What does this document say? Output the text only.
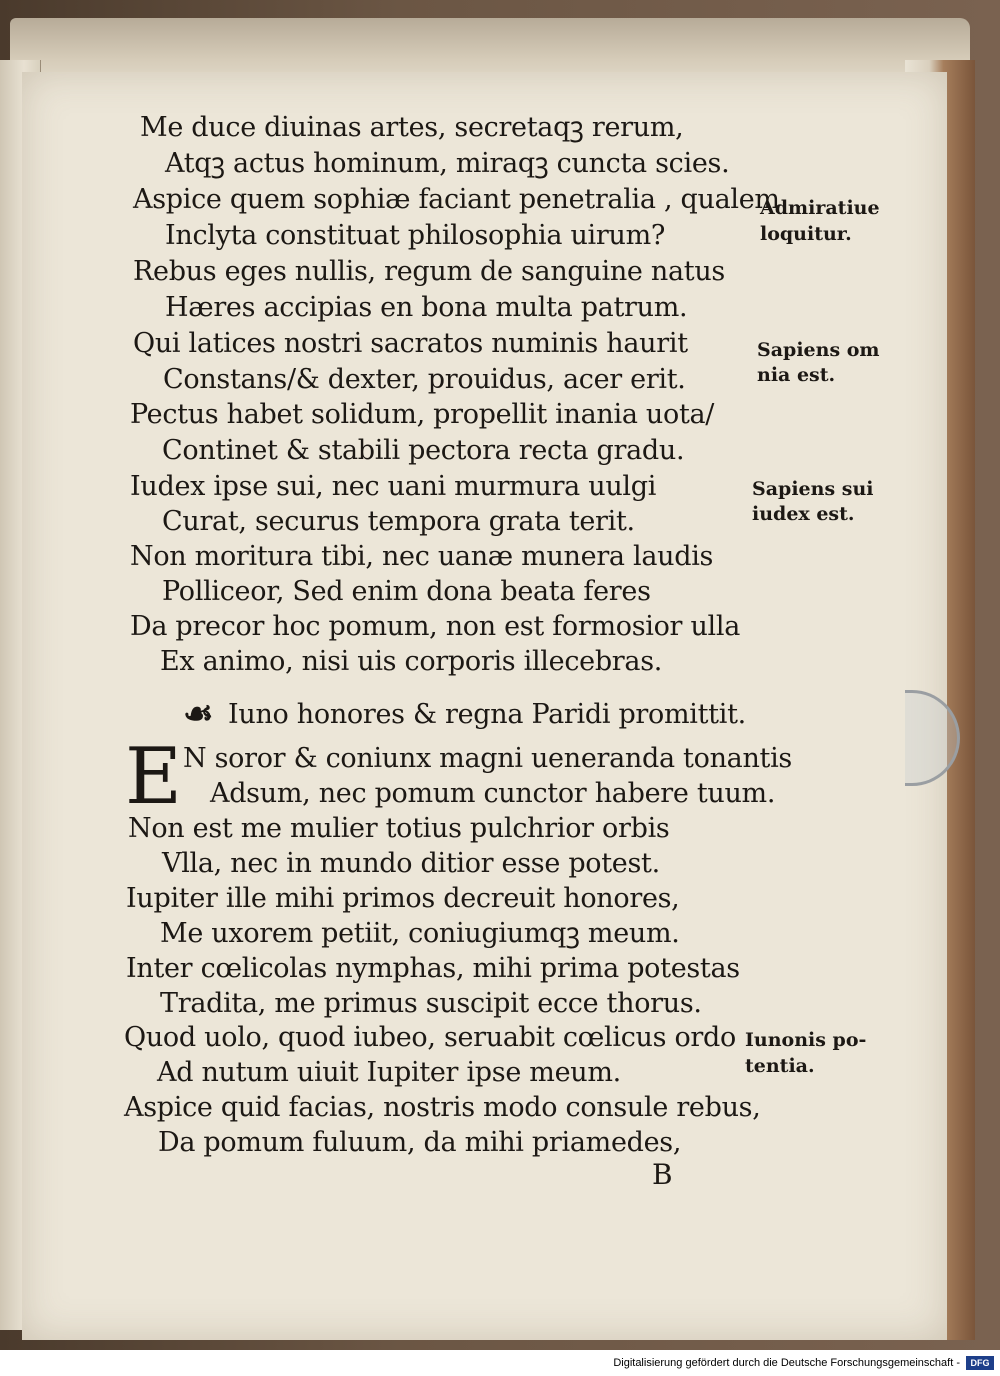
Me duce diuinas artes, secretaqꝫ rerum,
Atqꝫ actus hominum, miraqꝫ cuncta scies.
Aspice quem sophiæ faciant penetralia , qualem
Inclyta constituat philosophia uirum?
Rebus eges nullis, regum de sanguine natus
Hæres accipias en bona multa patrum.
Qui latices nostri sacratos numinis haurit
Constans/& dexter, prouidus, acer erit.
Pectus habet solidum, propellit inania uota/
Continet & stabili pectora recta gradu.
Iudex ipse sui, nec uani murmura uulgi
Curat, securus tempora grata terit.
Non moritura tibi, nec uanæ munera laudis
Polliceor, Sed enim dona beata feres
Da precor hoc pomum, non est formosior ulla
Ex animo, nisi uis corporis illecebras.
☙ Iuno honores & regna Paridi promittit.
E N soror & coniunx magni ueneranda tonantis
Adsum, nec pomum cunctor habere tuum.
Non est me mulier totius pulchrior orbis
Vlla, nec in mundo ditior esse potest.
Iupiter ille mihi primos decreuit honores,
Me uxorem petiit, coniugiumqꝫ meum.
Inter cœlicolas nymphas, mihi prima potestas
Tradita, me primus suscipit ecce thorus.
Quod uolo, quod iubeo, seruabit cœlicus ordo
Ad nutum uiuit Iupiter ipse meum.
Aspice quid facias, nostris modo consule rebus,
Da pomum fuluum, da mihi priamedes,
Admiratiue
loquitur.
Sapiens om
nia est.
Sapiens sui
iudex est.
Iunonis po-
tentia.
B
Digitalisierung gefördert durch die Deutsche Forschungsgemeinschaft -	DFG
